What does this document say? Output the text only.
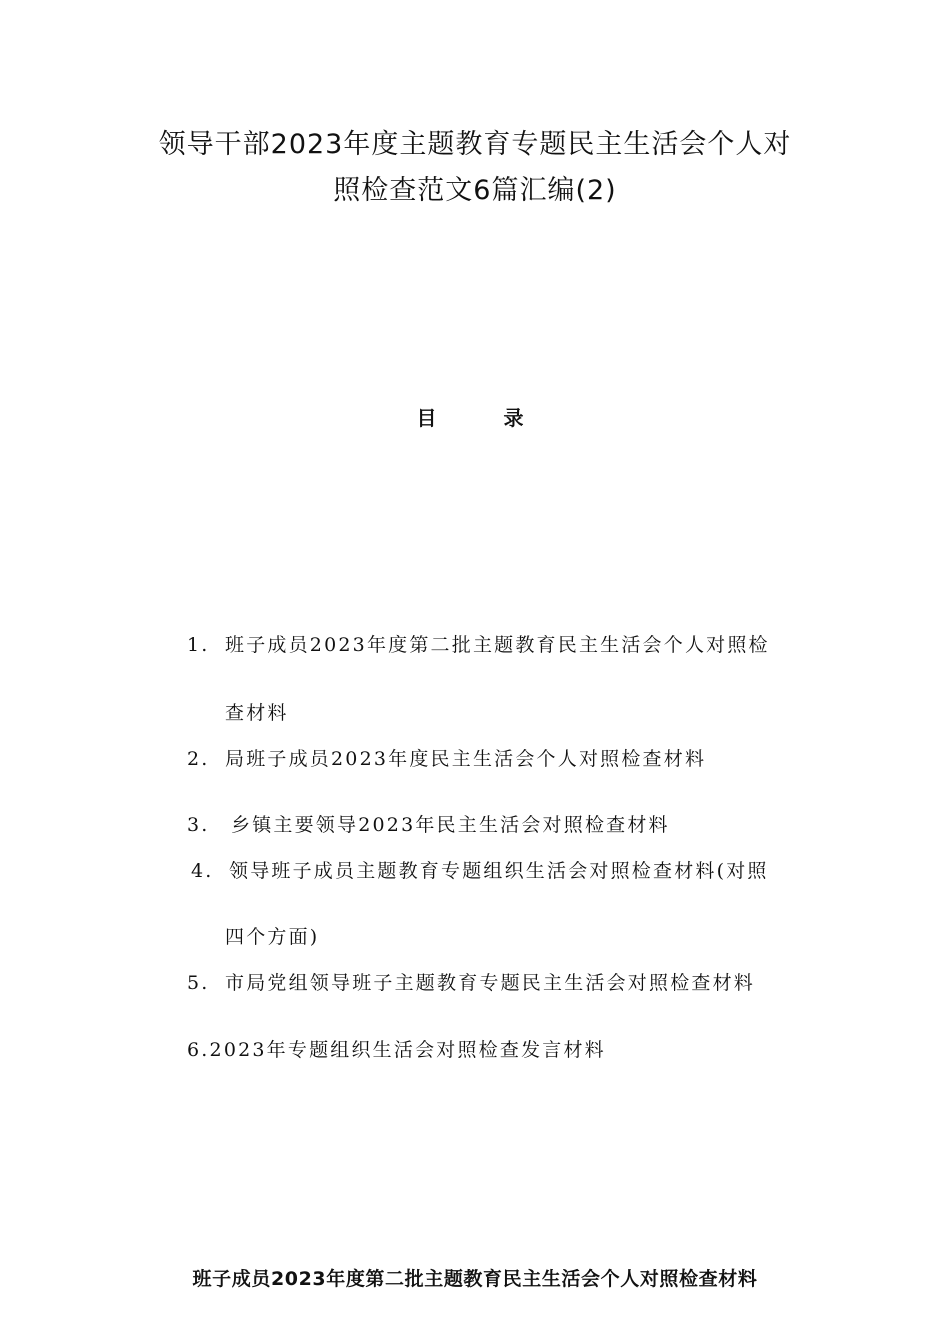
领导干部2023年度主题教育专题民主生活会个人对
照检查范文6篇汇编(2)
目 录
1. 班子成员2023年度第二批主题教育民主生活会个人对照检
查材料
2. 局班子成员2023年度民主生活会个人对照检查材料
3. 乡镇主要领导2023年民主生活会对照检查材料
4. 领导班子成员主题教育专题组织生活会对照检查材料(对照
四个方面)
5. 市局党组领导班子主题教育专题民主生活会对照检查材料
6.2023年专题组织生活会对照检查发言材料
班子成员2023年度第二批主题教育民主生活会个人对照检查材料
